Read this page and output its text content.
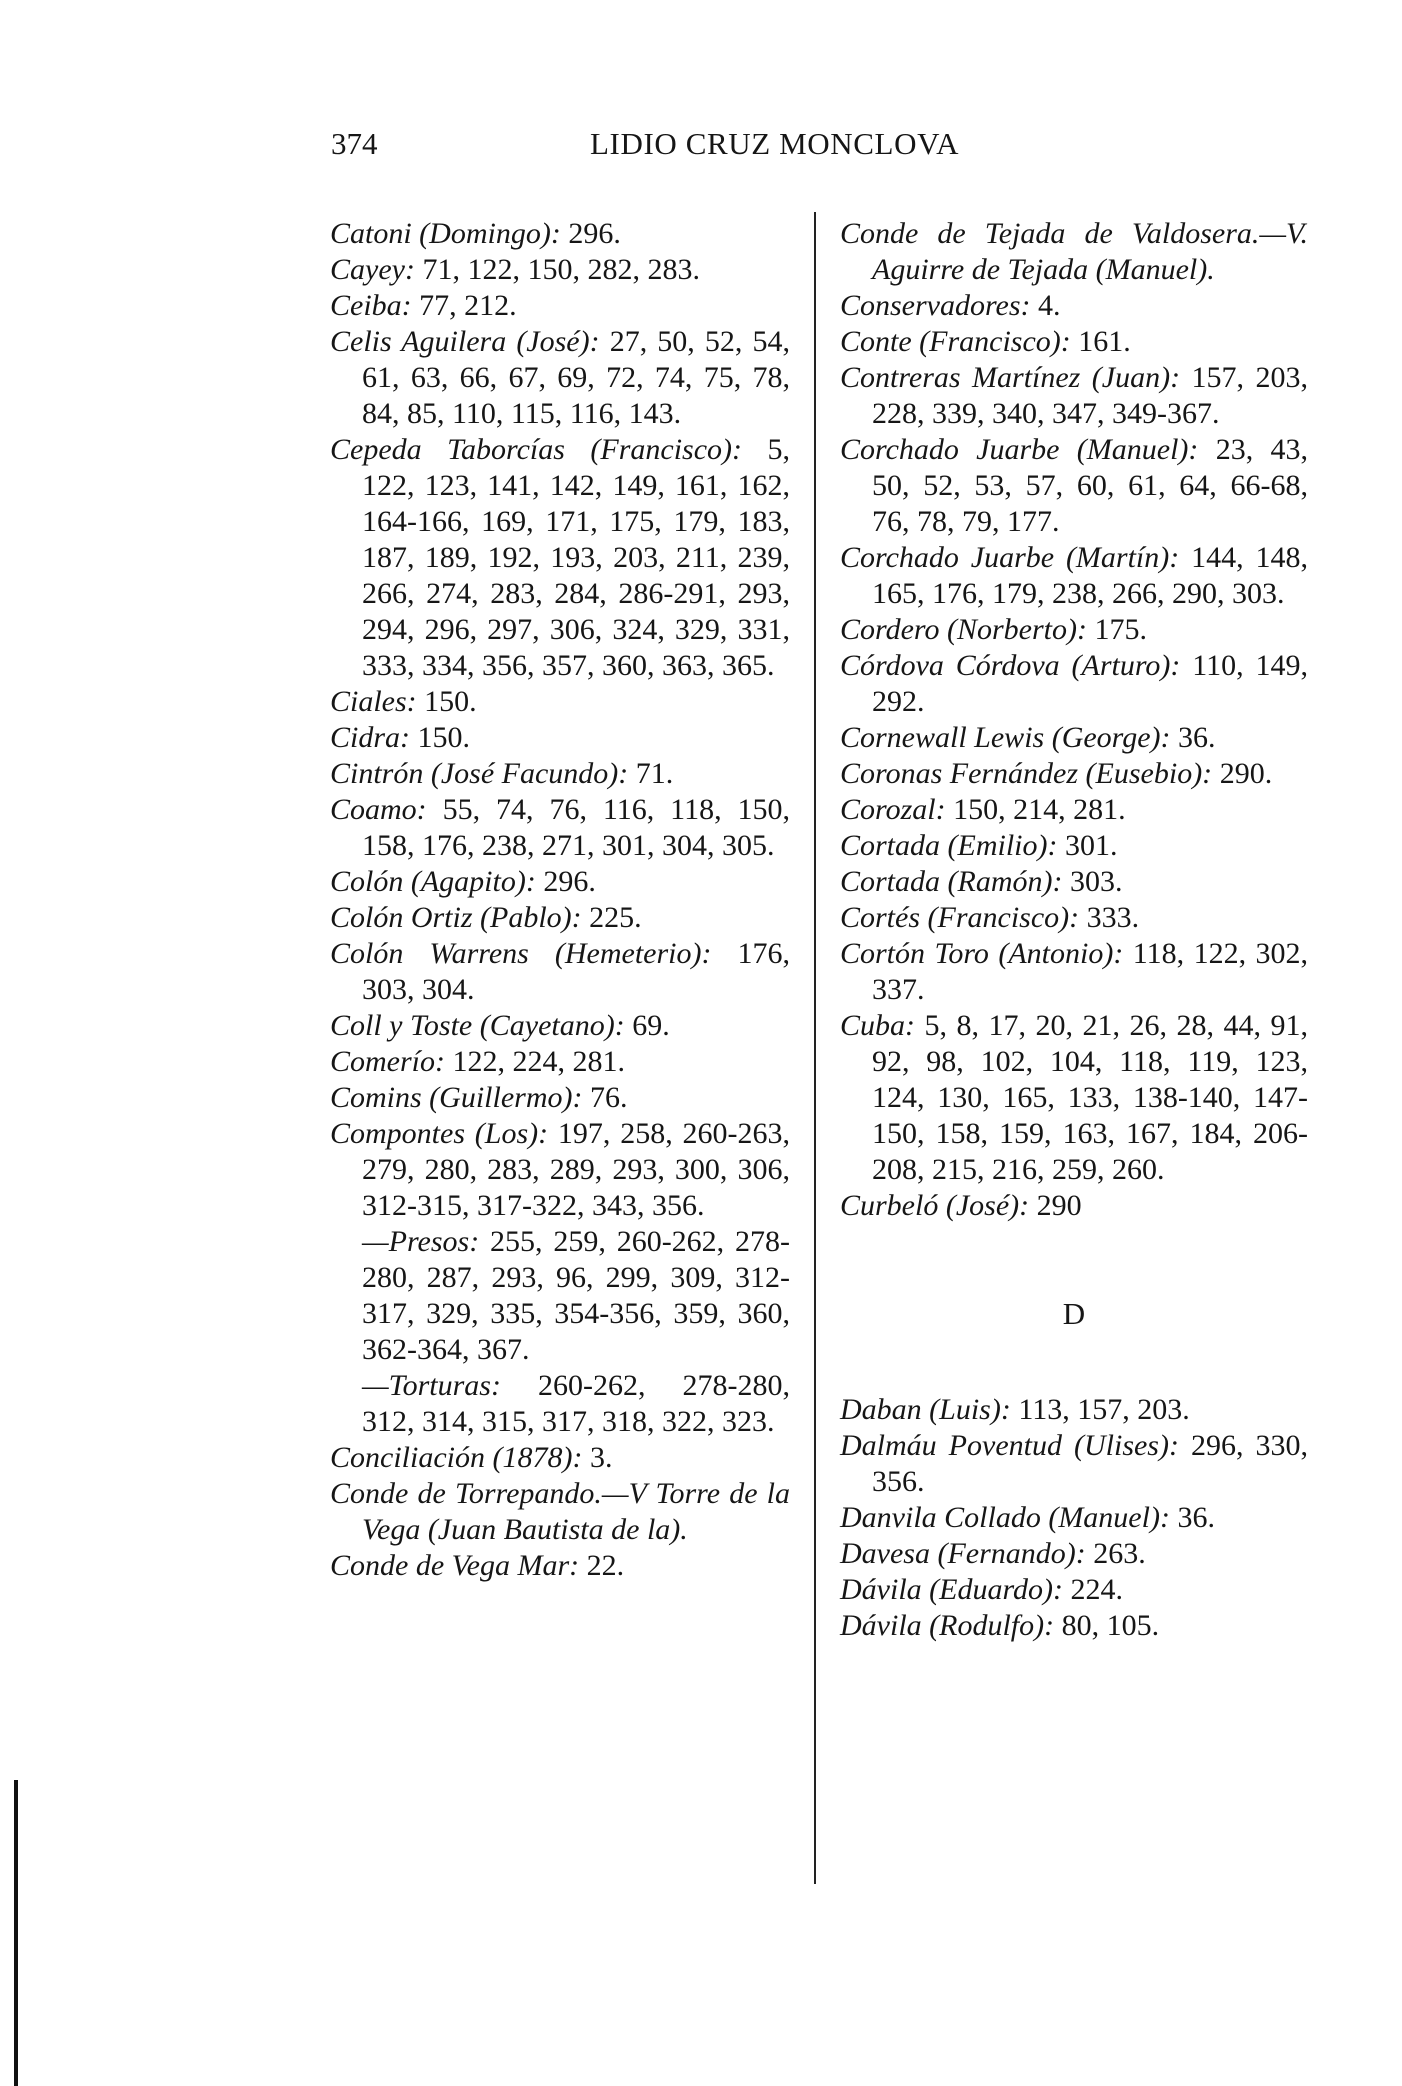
374	LIDIO CRUZ MONCLOVA

Catoni (Domingo): 296.

Cayey: 71, 122, 150, 282, 283.

Ceiba: 77, 212.

Celis Aguilera (José): 27, 50, 52, 54, 61, 63, 66, 67, 69, 72, 74, 75, 78, 84, 85, 110, 115, 116, 143.

Cepeda Taborcías (Francisco): 5, 122, 123, 141, 142, 149, 161, 162, 164-166, 169, 171, 175, 179, 183, 187, 189, 192, 193, 203, 211, 239, 266, 274, 283, 284, 286-291, 293, 294, 296, 297, 306, 324, 329, 331, 333, 334, 356, 357, 360, 363, 365.

Ciales: 150.

Cidra: 150.

Cintrón (José Facundo): 71.

Coamo: 55, 74, 76, 116, 118, 150, 158, 176, 238, 271, 301, 304, 305.

Colón (Agapito): 296.

Colón Ortiz (Pablo): 225.

Colón Warrens (Hemeterio): 176, 303, 304.

Coll y Toste (Cayetano): 69.

Comerío: 122, 224, 281.

Comins (Guillermo): 76.

Compontes (Los): 197, 258, 260-263, 279, 280, 283, 289, 293, 300, 306, 312-315, 317-322, 343, 356.

—Presos: 255, 259, 260-262, 278-280, 287, 293, 96, 299, 309, 312-317, 329, 335, 354-356, 359, 360, 362-364, 367.

—Torturas: 260-262, 278-280, 312, 314, 315, 317, 318, 322, 323.

Conciliación (1878): 3.

Conde de Torrepando.—V Torre de la Vega (Juan Bautista de la).

Conde de Vega Mar: 22.

Conde de Tejada de Valdosera.—V. Aguirre de Tejada (Manuel).

Conservadores: 4.

Conte (Francisco): 161.

Contreras Martínez (Juan): 157, 203, 228, 339, 340, 347, 349-367.

Corchado Juarbe (Manuel): 23, 43, 50, 52, 53, 57, 60, 61, 64, 66-68, 76, 78, 79, 177.

Corchado Juarbe (Martín): 144, 148, 165, 176, 179, 238, 266, 290, 303.

Cordero (Norberto): 175.

Córdova Córdova (Arturo): 110, 149, 292.

Cornewall Lewis (George): 36.

Coronas Fernández (Eusebio): 290.

Corozal: 150, 214, 281.

Cortada (Emilio): 301.

Cortada (Ramón): 303.

Cortés (Francisco): 333.

Cortón Toro (Antonio): 118, 122, 302, 337.

Cuba: 5, 8, 17, 20, 21, 26, 28, 44, 91, 92, 98, 102, 104, 118, 119, 123, 124, 130, 165, 133, 138-140, 147-150, 158, 159, 163, 167, 184, 206-208, 215, 216, 259, 260.

Curbeló (José): 290

D

Daban (Luis): 113, 157, 203.

Dalmáu Poventud (Ulises): 296, 330, 356.

Danvila Collado (Manuel): 36.

Davesa (Fernando): 263.

Dávila (Eduardo): 224.

Dávila (Rodulfo): 80, 105.
